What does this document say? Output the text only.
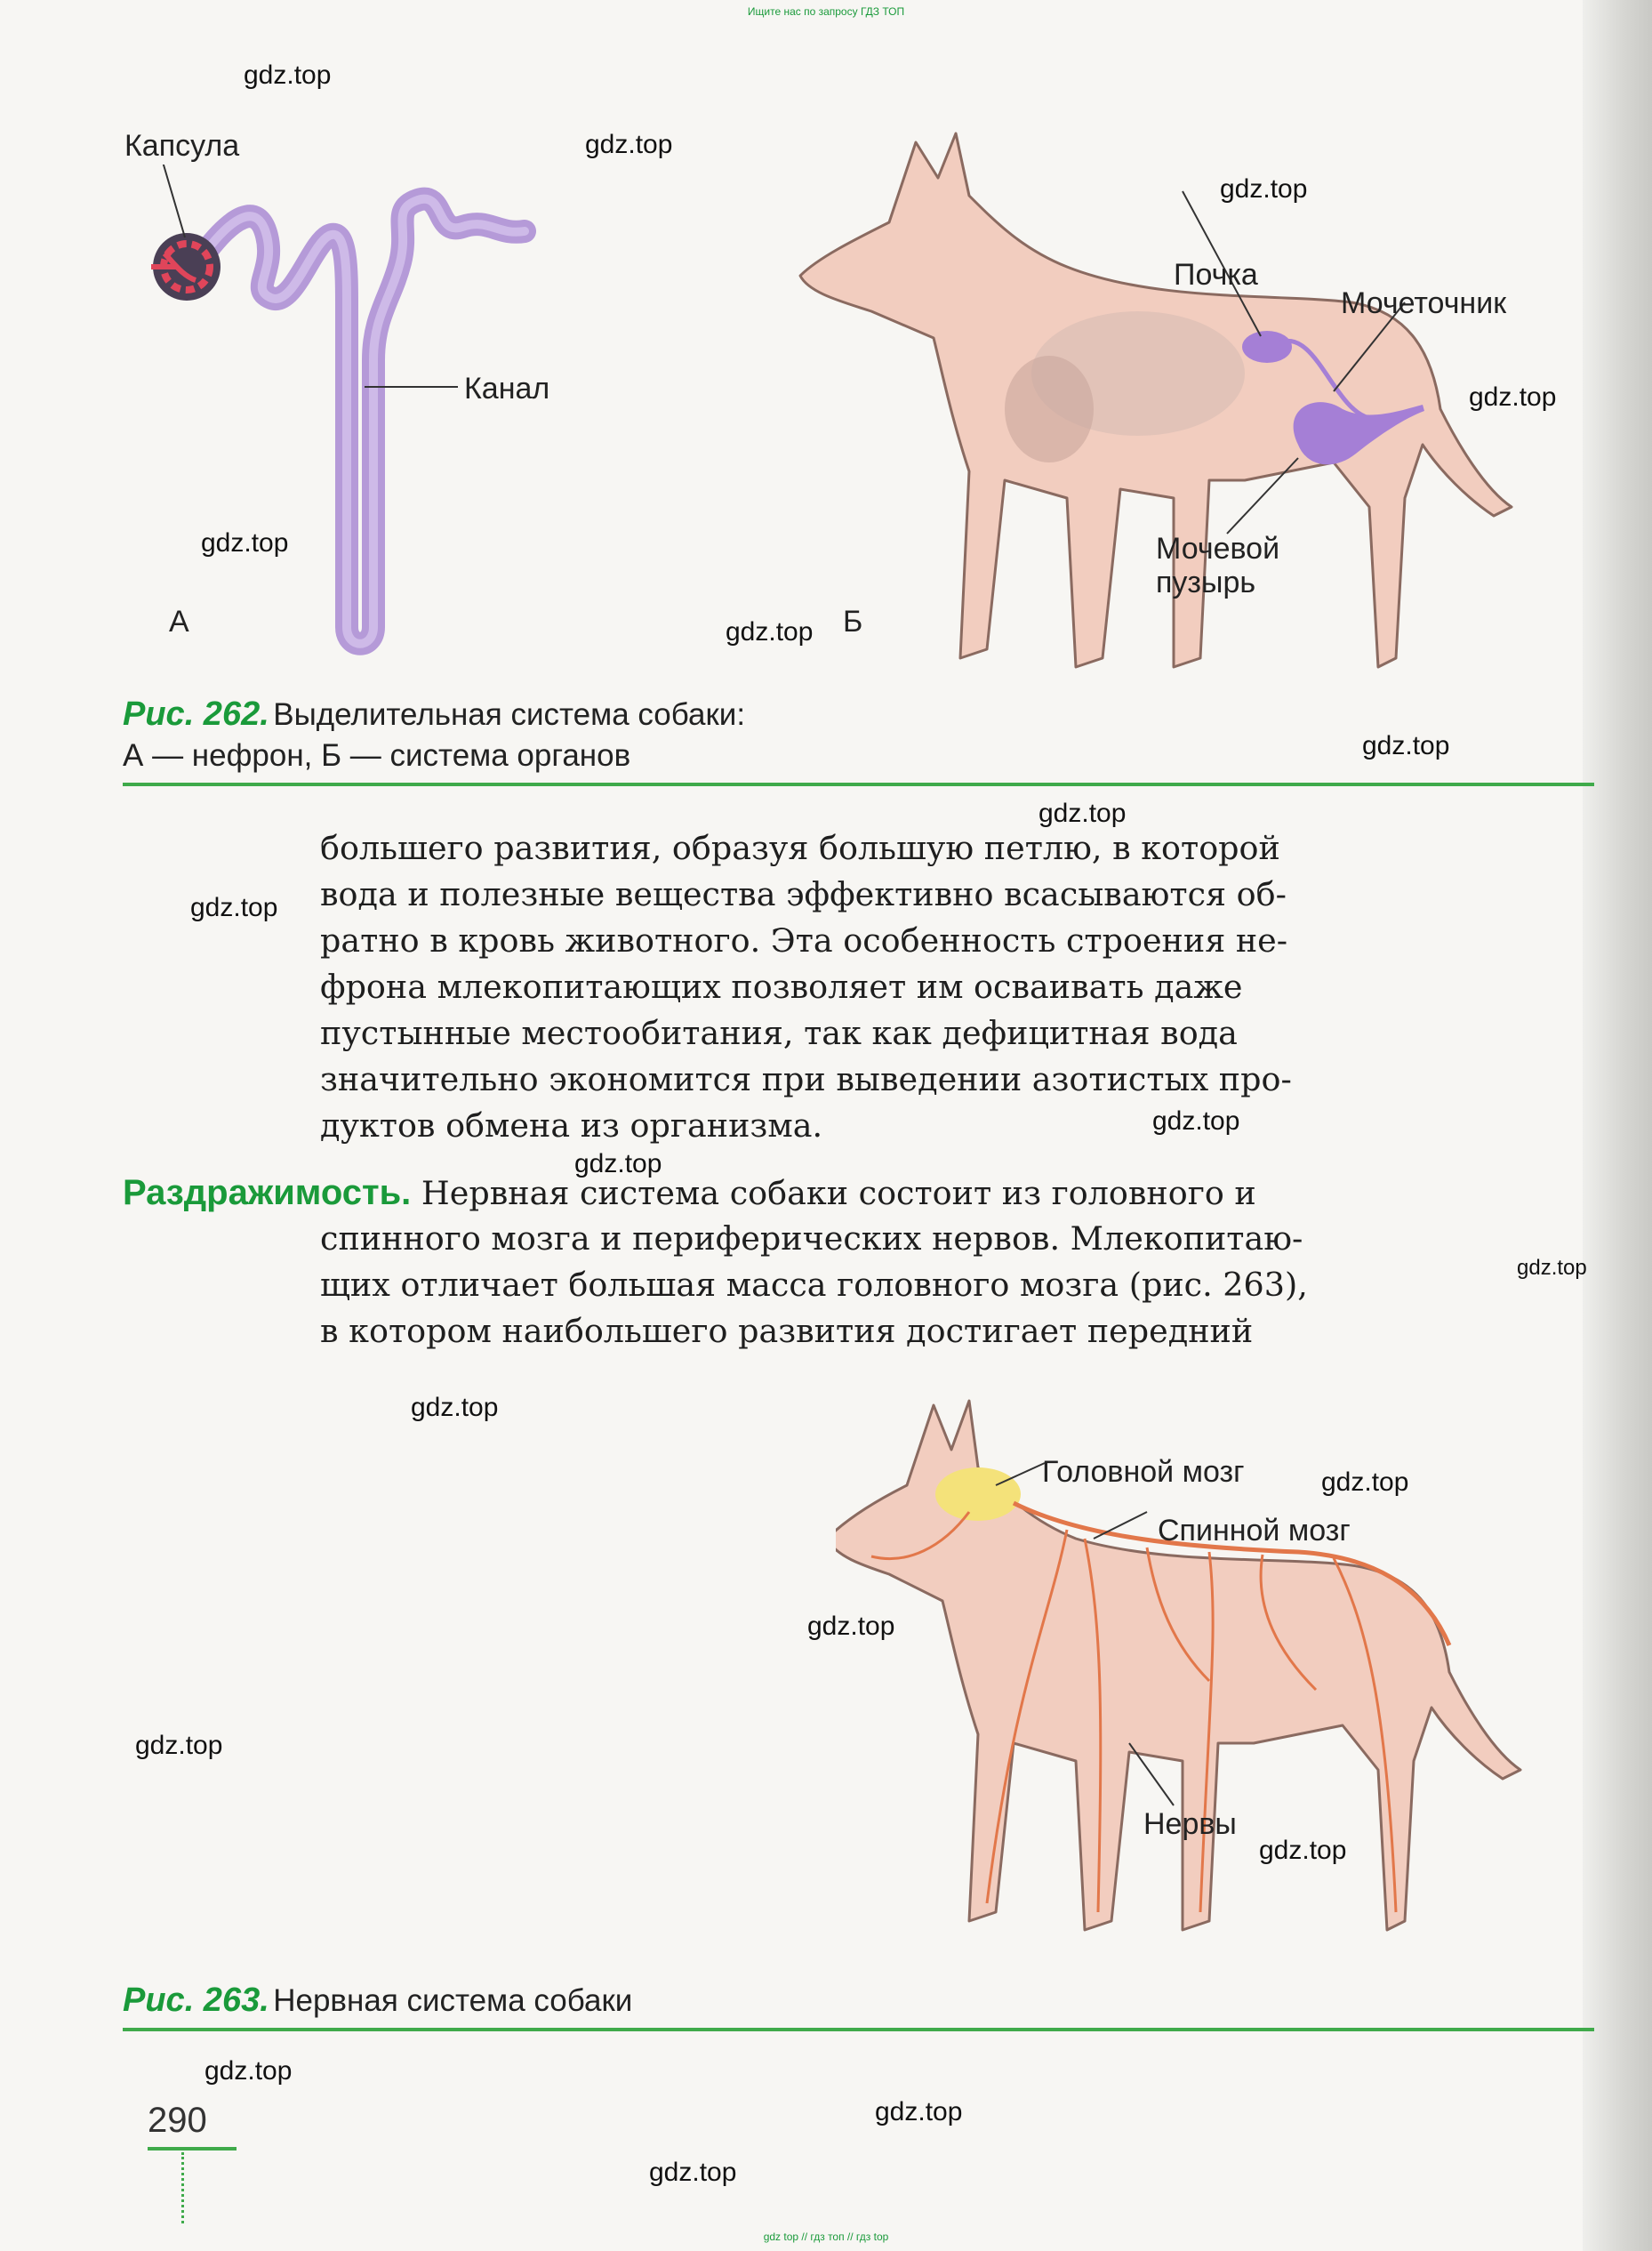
Ищите нас по запросу ГДЗ ТОП
Капсула
Канал
А
Почка
Мочеточник
Мочевой
пузырь
Б
Рис. 262. Выделительная система собаки:
А — нефрон, Б — система органов

большего развития, образуя большую петлю, в которой

вода и полезные вещества эффективно всасываются об-

ратно в кровь животного. Эта особенность строения не-

фрона млекопитающих позволяет им осваивать даже

пустынные местообитания, так как дефицитная вода

значительно экономится при выведении азотистых про-

дуктов обмена из организма.

Раздражимость. Нервная система собаки состоит из головного и

спинного мозга и периферических нервов. Млекопитаю-

щих отличает большая масса головного мозга (рис. 263),

в котором наибольшего развития достигает передний

Головной мозг
Спинной мозг
Нервы
Рис. 263. Нервная система собаки
290
gdz.top
gdz.top
gdz.top
gdz.top
gdz.top
gdz.top
gdz.top
gdz.top
gdz.top
gdz.top
gdz.top
gdz.top
gdz.top
gdz.top
gdz.top
gdz.top
gdz.top
gdz.top
gdz.top
gdz.top
gdz top // гдз топ // гдз top
